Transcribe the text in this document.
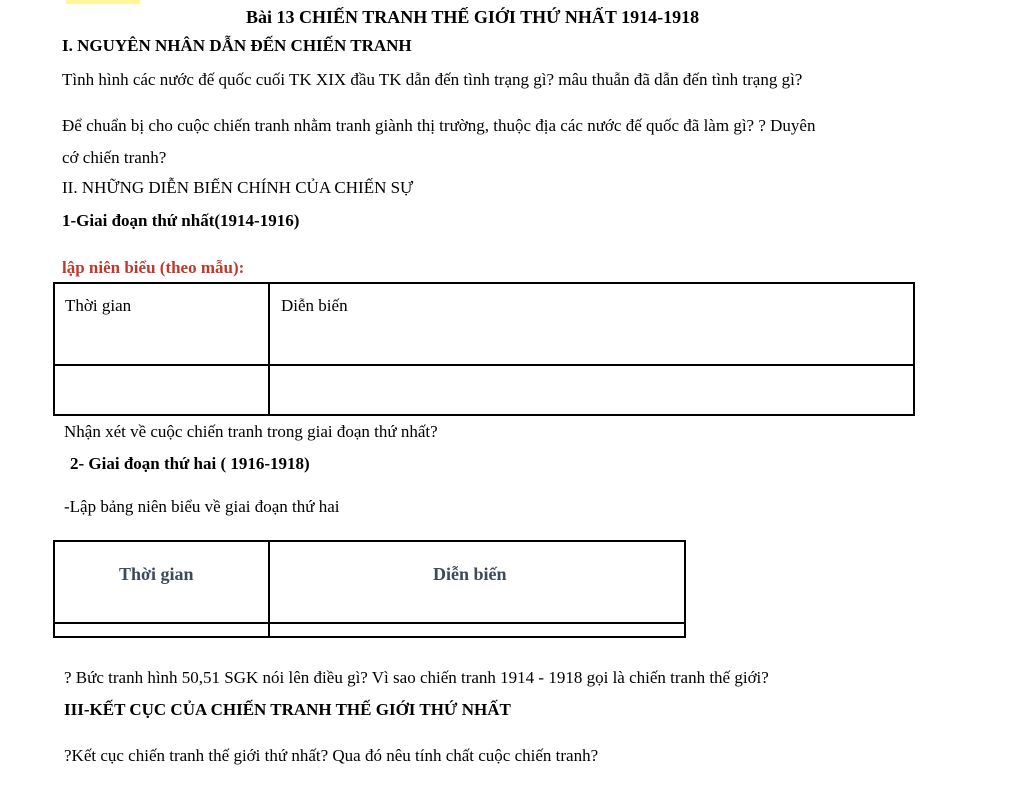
Bài 13 CHIẾN TRANH THẾ GIỚI THỨ NHẤT 1914-1918
I. NGUYÊN NHÂN DẪN ĐẾN CHIẾN TRANH
Tình hình các nước đế quốc cuối TK XIX đầu TK dẫn đến tình trạng gì? mâu thuẫn đã dẫn đến tình trạng gì?
Để chuẩn bị cho cuộc chiến tranh nhằm tranh giành thị trường, thuộc địa các nước đế quốc đã làm gì? ? Duyên
cớ chiến tranh?
II. NHỮNG DIỄN BIẾN CHÍNH CỦA CHIẾN SỰ
1-Giai đoạn thứ nhất(1914-1916)
lập niên biểu (theo mẫu):
Thời gian	Diễn biến
Nhận xét về cuộc chiến tranh trong giai đoạn thứ nhất?
2- Giai đoạn thứ hai ( 1916-1918)
-Lập bảng niên biểu về giai đoạn thứ hai
Thời gian	Diễn biến
? Bức tranh hình 50,51 SGK nói lên điều gì? Vì sao chiến tranh 1914 - 1918 gọi là chiến tranh thế giới?
III-KẾT CỤC CỦA CHIẾN TRANH THẾ GIỚI THỨ NHẤT
?Kết cục chiến tranh thế giới thứ nhất? Qua đó nêu tính chất cuộc chiến tranh?
